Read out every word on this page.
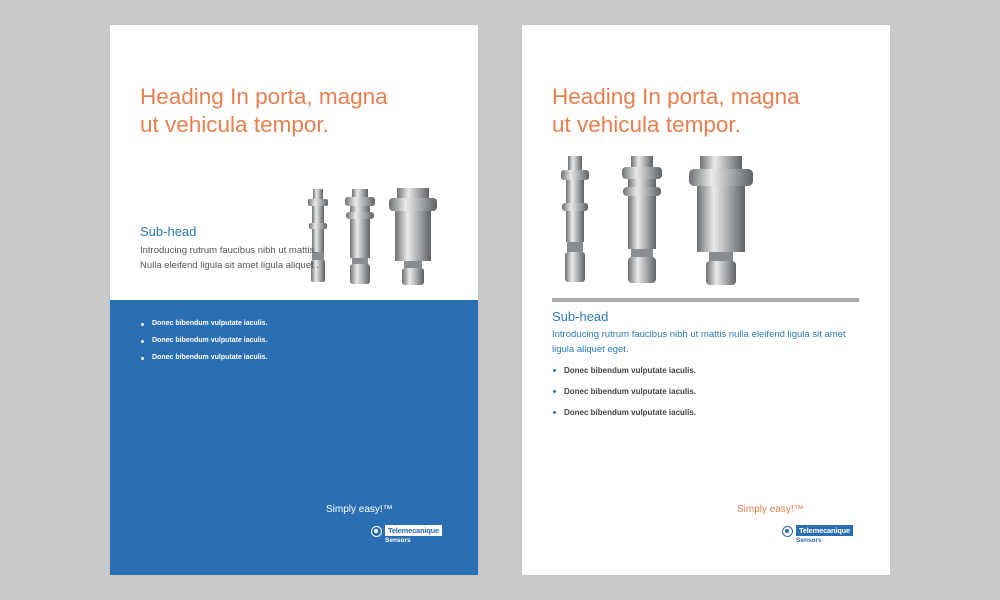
Heading In porta, magna
ut vehicula tempor.
Sub-head
Introducing rutrum faucibus nibh ut mattis. Nulla eleifend ligula sit amet ligula aliquet .
Donec bibendum vulputate iaculis.
Donec bibendum vulputate iaculis.
Donec bibendum vulputate iaculis.
Simply easy!™
Telemecanique
Sensors
Heading In porta, magna
ut vehicula tempor.
Sub-head
Introducing rutrum faucibus nibh ut mattis nulla eleifend ligula sit amet ligula aliquet eget.
Donec bibendum vulputate iaculis.
Donec bibendum vulputate iaculis.
Donec bibendum vulputate iaculis.
Simply easy!™
Telemecanique
Sensors
